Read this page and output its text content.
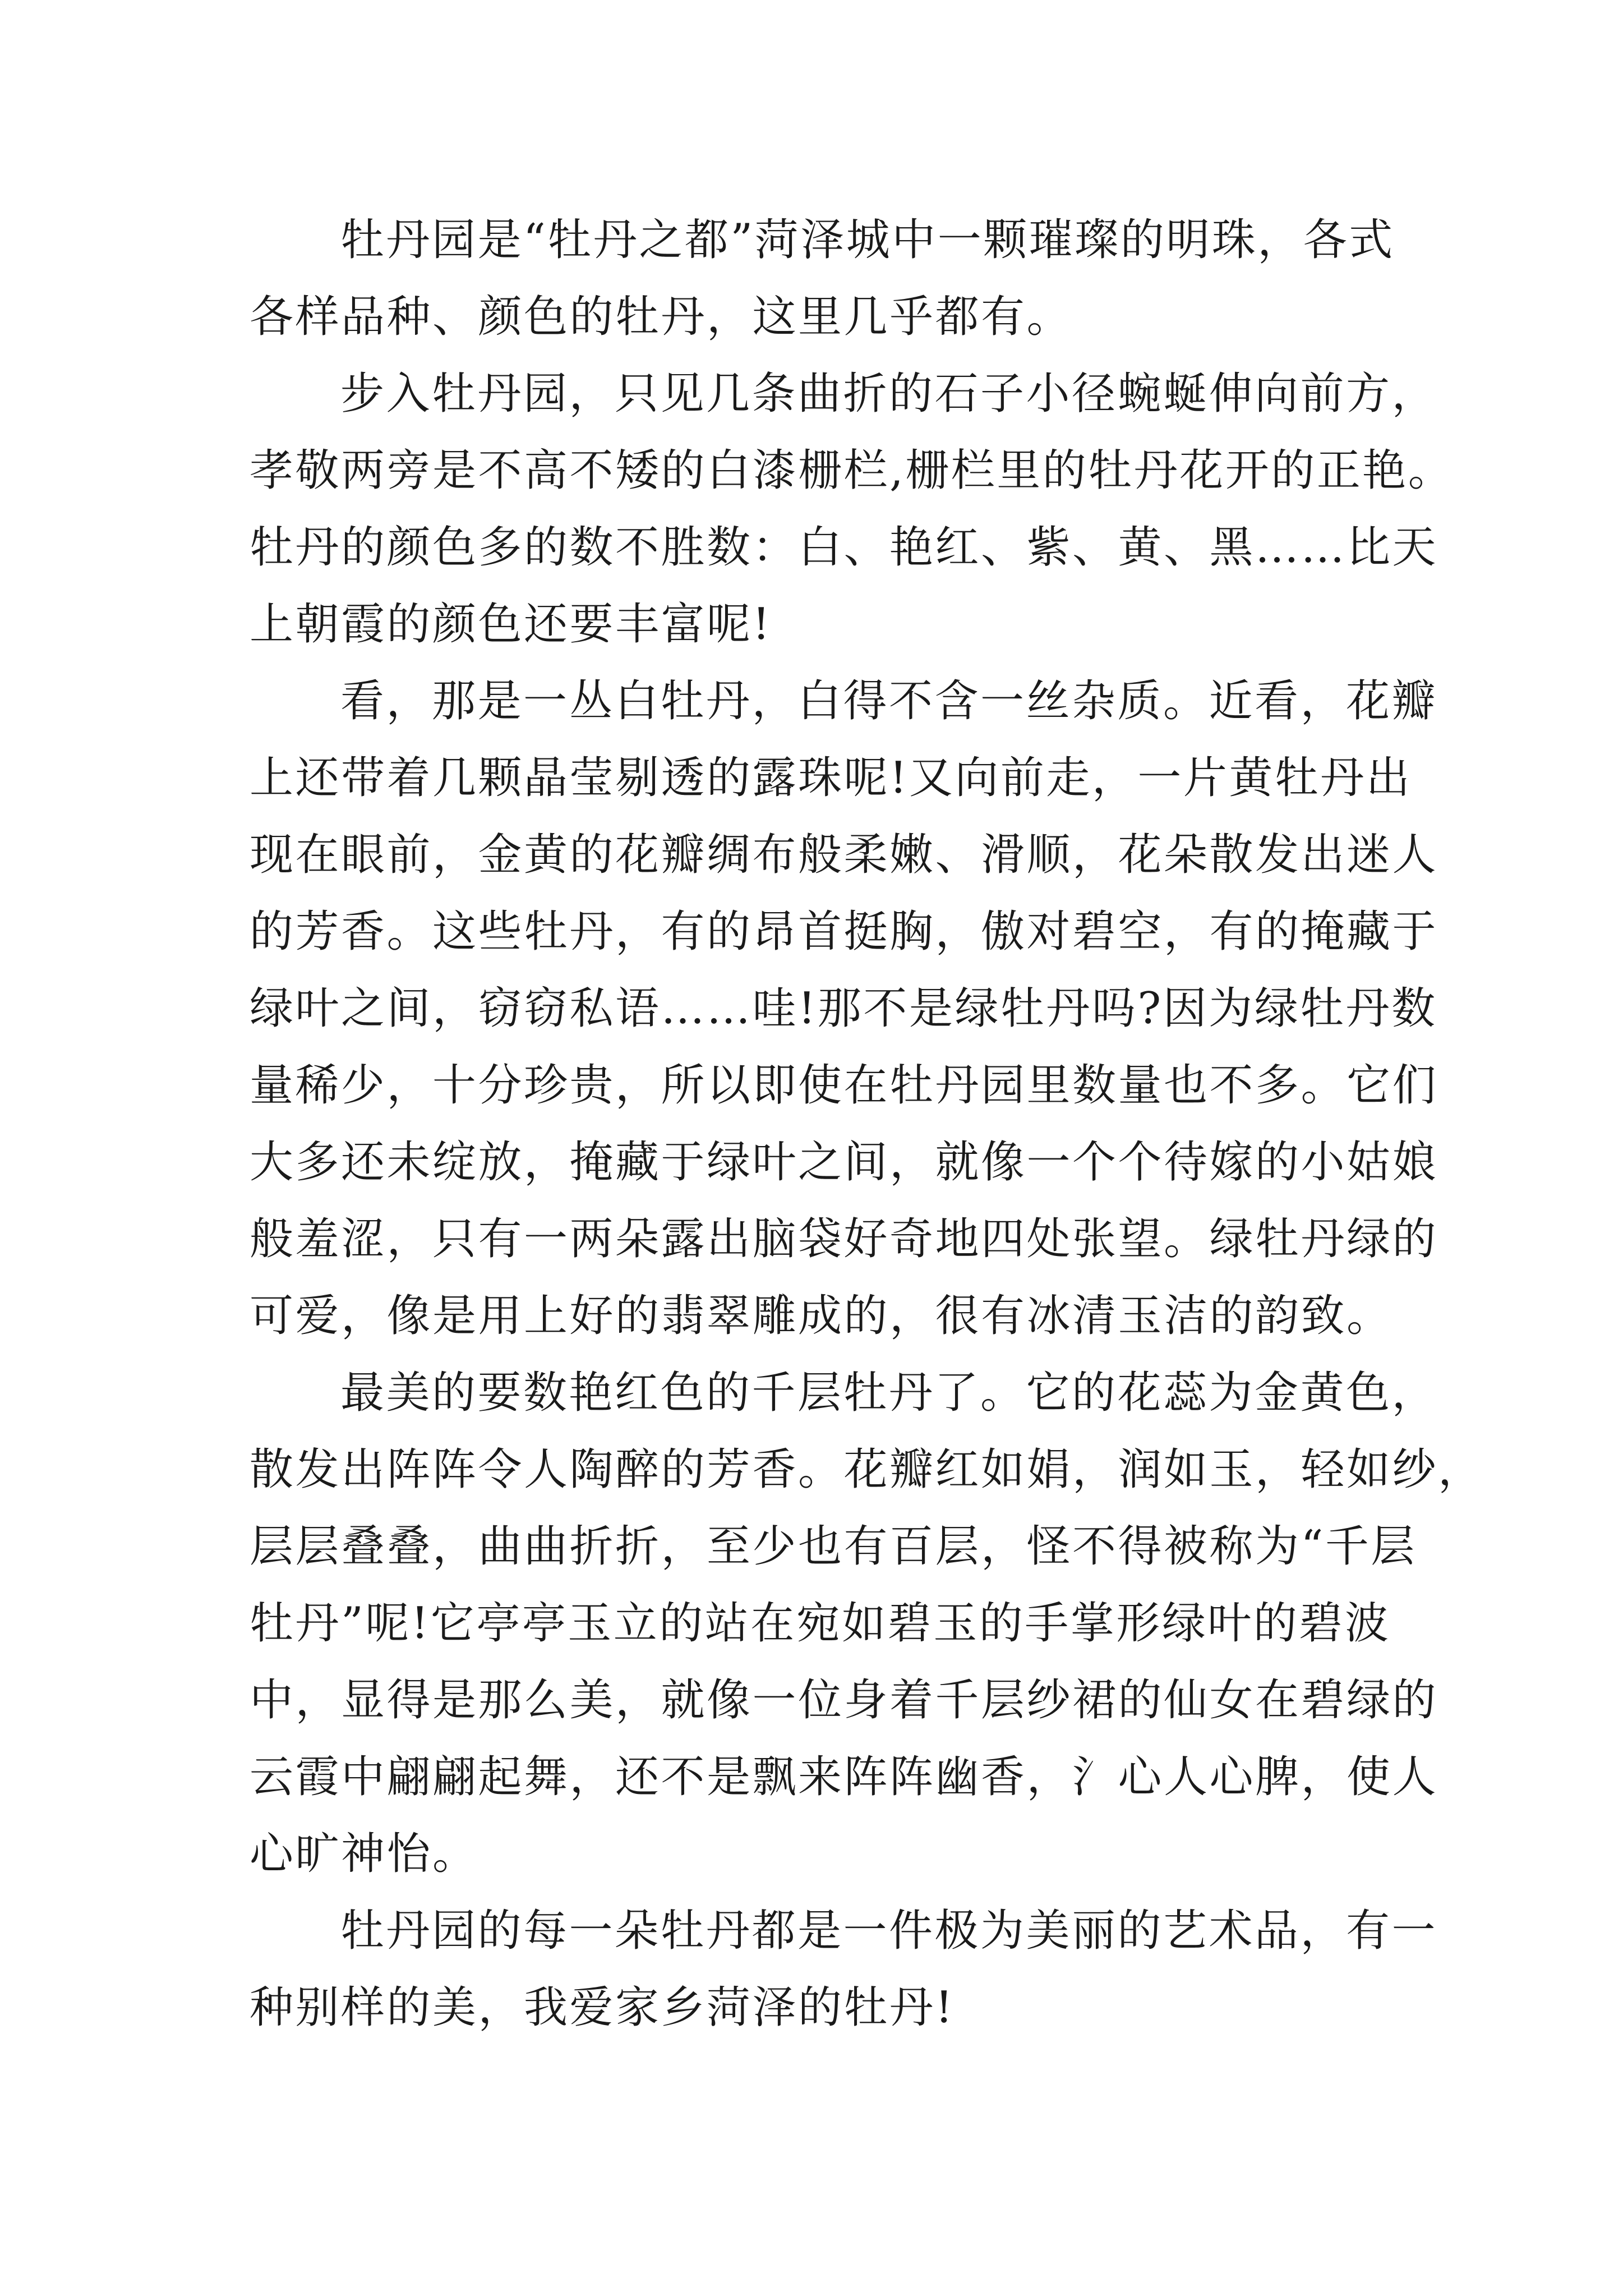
牡丹园是“牡丹之都”菏泽城中一颗璀璨的明珠，各式
各样品种、颜色的牡丹，这里几乎都有。
步入牡丹园，只见几条曲折的石子小径蜿蜒伸向前方，
孝敬两旁是不高不矮的白漆栅栏,栅栏里的牡丹花开的正艳。
牡丹的颜色多的数不胜数：白、艳红、紫、黄、黑……比天
上朝霞的颜色还要丰富呢!
看，那是一丛白牡丹，白得不含一丝杂质。近看，花瓣
上还带着几颗晶莹剔透的露珠呢!又向前走，一片黄牡丹出
现在眼前，金黄的花瓣绸布般柔嫩、滑顺，花朵散发出迷人
的芳香。这些牡丹，有的昂首挺胸，傲对碧空，有的掩藏于
绿叶之间，窃窃私语……哇!那不是绿牡丹吗?因为绿牡丹数
量稀少，十分珍贵，所以即使在牡丹园里数量也不多。它们
大多还未绽放，掩藏于绿叶之间，就像一个个待嫁的小姑娘
般羞涩，只有一两朵露出脑袋好奇地四处张望。绿牡丹绿的
可爱，像是用上好的翡翠雕成的，很有冰清玉洁的韵致。
最美的要数艳红色的千层牡丹了。它的花蕊为金黄色，
散发出阵阵令人陶醉的芳香。花瓣红如娟，润如玉，轻如纱，
层层叠叠，曲曲折折，至少也有百层，怪不得被称为“千层
牡丹”呢!它亭亭玉立的站在宛如碧玉的手掌形绿叶的碧波
中，显得是那么美，就像一位身着千层纱裙的仙女在碧绿的
云霞中翩翩起舞，还不是飘来阵阵幽香，氵心人心脾，使人
心旷神怡。
牡丹园的每一朵牡丹都是一件极为美丽的艺术品，有一
种别样的美，我爱家乡菏泽的牡丹!
